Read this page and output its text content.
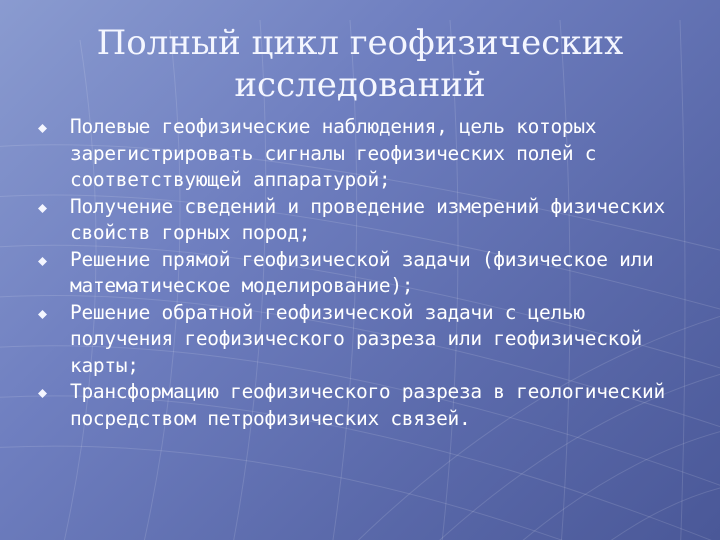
Полный цикл геофизических
исследований
Полевые геофизические наблюдения, цель которых зарегистрировать сигналы геофизических полей с соответствующей аппаратурой;
Получение сведений и проведение измерений физических свойств горных пород;
Решение прямой геофизической задачи (физическое или математическое моделирование);
Решение обратной геофизической задачи с целью получения геофизического разреза или геофизической карты;
Трансформацию геофизического разреза в геологический посредством петрофизических связей.
